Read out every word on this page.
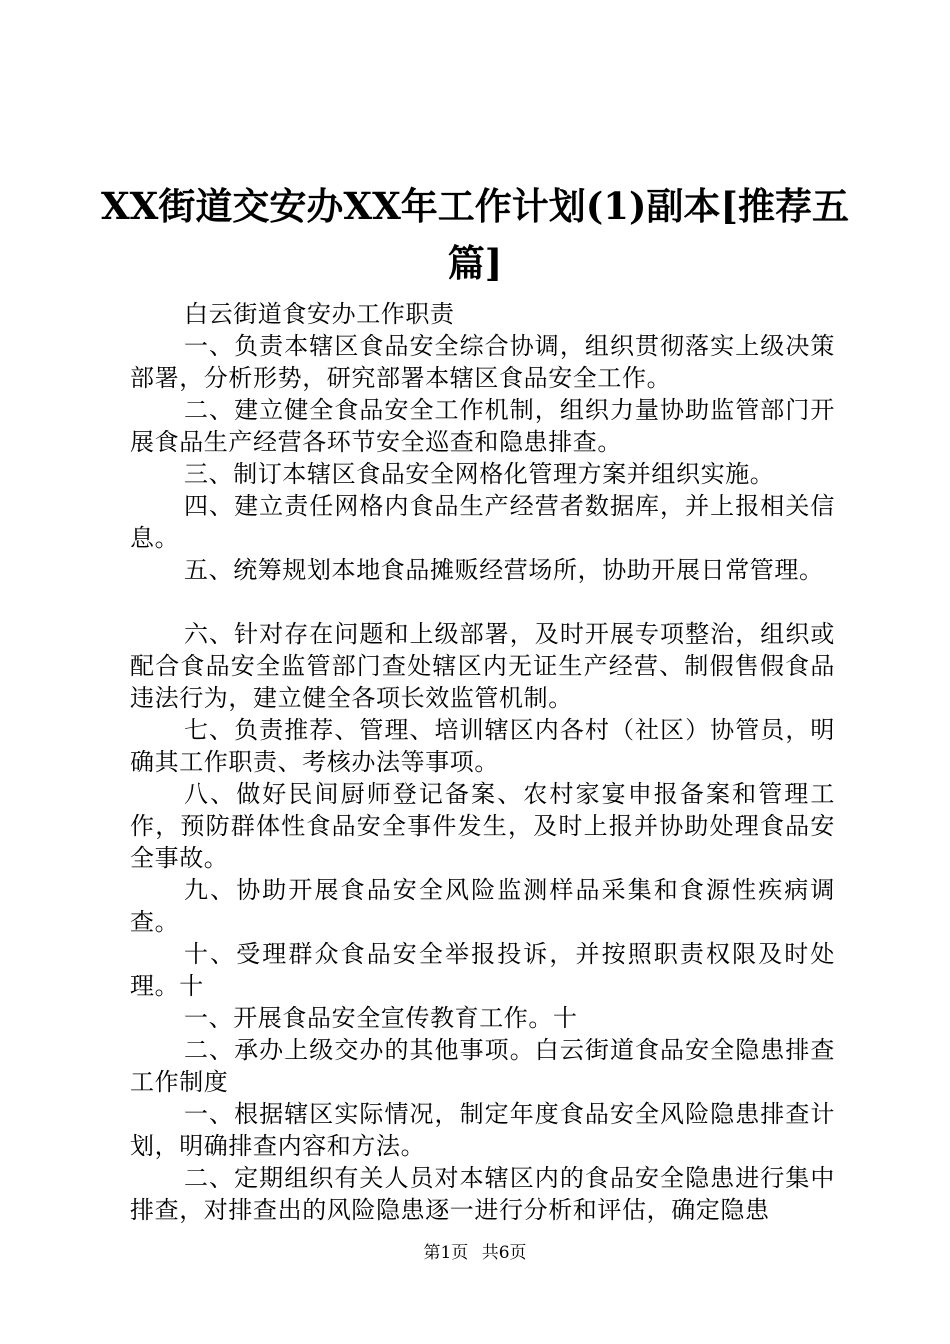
XX街道交安办XX年工作计划(1)副本[推荐五篇]

白云街道食安办工作职责

一、负责本辖区食品安全综合协调，组织贯彻落实上级决策部署，分析形势，研究部署本辖区食品安全工作。

二、建立健全食品安全工作机制，组织力量协助监管部门开展食品生产经营各环节安全巡查和隐患排查。

三、制订本辖区食品安全网格化管理方案并组织实施。

四、建立责任网格内食品生产经营者数据库，并上报相关信息。

五、统筹规划本地食品摊贩经营场所，协助开展日常管理。

六、针对存在问题和上级部署，及时开展专项整治，组织或配合食品安全监管部门查处辖区内无证生产经营、制假售假食品违法行为，建立健全各项长效监管机制。

七、负责推荐、管理、培训辖区内各村（社区）协管员，明确其工作职责、考核办法等事项。

八、做好民间厨师登记备案、农村家宴申报备案和管理工作，预防群体性食品安全事件发生，及时上报并协助处理食品安全事故。

九、协助开展食品安全风险监测样品采集和食源性疾病调查。

十、受理群众食品安全举报投诉，并按照职责权限及时处理。十

一、开展食品安全宣传教育工作。十

二、承办上级交办的其他事项。白云街道食品安全隐患排查工作制度

一、根据辖区实际情况，制定年度食品安全风险隐患排查计划，明确排查内容和方法。

二、定期组织有关人员对本辖区内的食品安全隐患进行集中排查，对排查出的风险隐患逐一进行分析和评估，确定隐患

第1页 共6页
